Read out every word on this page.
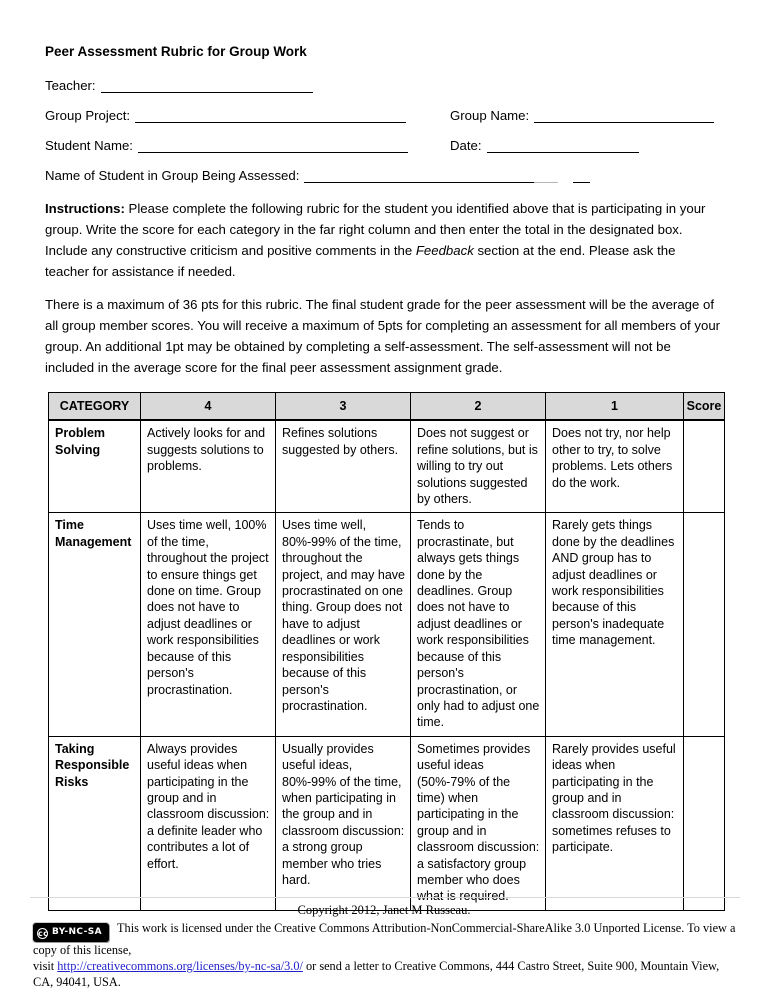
Peer Assessment Rubric for Group Work
Teacher:
Group Project:	Group Name:
Student Name:	Date:
Name of Student in Group Being Assessed:

Instructions: Please complete the following rubric for the student you identified above that is participating in your group. Write the score for each category in the far right column and then enter the total in the designated box. Include any constructive criticism and positive comments in the Feedback section at the end. Please ask the teacher for assistance if needed.

There is a maximum of 36 pts for this rubric. The final student grade for the peer assessment will be the average of all group member scores. You will receive a maximum of 5pts for completing an assessment for all members of your group. An additional 1pt may be obtained by completing a self-assessment. The self-assessment will not be included in the average score for the final peer assessment assignment grade.

CATEGORY	4	3	2	1	Score
Problem Solving	Actively looks for and suggests solutions to problems.	Refines solutions suggested by others.	Does not suggest or refine solutions, but is willing to try out solutions suggested by others.	Does not try, nor help other to try, to solve problems. Lets others do the work.	
Time Management	Uses time well, 100% of the time, throughout the project to ensure things get done on time. Group does not have to adjust deadlines or work responsibilities because of this person's procrastination.	Uses time well, 80%-99% of the time, throughout the project, and may have procrastinated on one thing. Group does not have to adjust deadlines or work responsibilities because of this person's procrastination.	Tends to procrastinate, but always gets things done by the deadlines. Group does not have to adjust deadlines or work responsibilities because of this person's procrastination, or only had to adjust one time.	Rarely gets things done by the deadlines AND group has to adjust deadlines or work responsibilities because of this person's inadequate time management.	
Taking Responsible Risks	Always provides useful ideas when participating in the group and in classroom discussion: a definite leader who contributes a lot of effort.	Usually provides useful ideas, 80%-99% of the time, when participating in the group and in classroom discussion: a strong group member who tries hard.	Sometimes provides useful ideas (50%-79% of the time) when participating in the group and in classroom discussion: a satisfactory group member who does what is required.	Rarely provides useful ideas when participating in the group and in classroom discussion: sometimes refuses to participate.	
Copyright 2012, Janet M Russeau.
cc BY-NC-SA This work is licensed under the Creative Commons Attribution-NonCommercial-ShareAlike 3.0 Unported License. To view a copy of this license,
visit http://creativecommons.org/licenses/by-nc-sa/3.0/ or send a letter to Creative Commons, 444 Castro Street, Suite 900, Mountain View, CA, 94041, USA.
